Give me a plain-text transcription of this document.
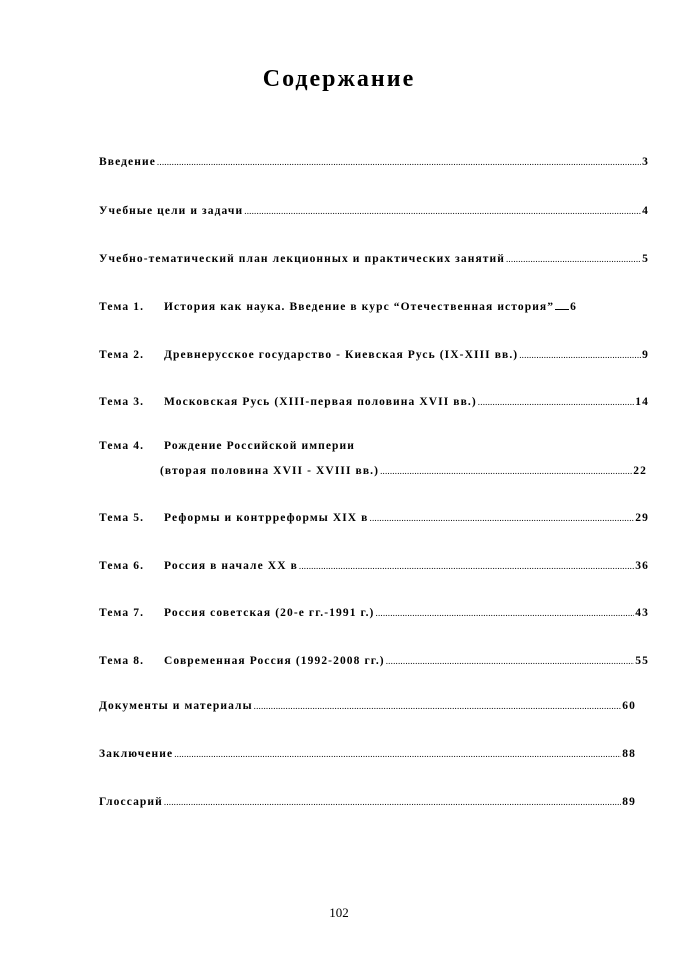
Содержание
Введение .....	3
Учебные цели и задачи .....	4
Учебно-тематический план лекционных и практических занятий .....	5
Тема 1.	История как наука. Введение в курс “Отечественная история” 6
Тема 2.	Древнерусское государство - Киевская Русь (IX-XIII вв.) .....	9
Тема 3.	Московская Русь (XIII-первая половина XVII вв.) .....	14
Тема 4.	Рождение Российской империи
(вторая половина XVII - XVIII вв.) .....	22
Тема 5.	Реформы и контрреформы XIX в .....	29
Тема 6.	Россия в начале XX в .....	36
Тема 7.	Россия советская (20-е гг.-1991 г.) .....	43
Тема 8.	Современная Россия (1992-2008 гг.) .....	55
Документы и материалы .....	60
Заключение .....	88
Глоссарий .....	89
102
